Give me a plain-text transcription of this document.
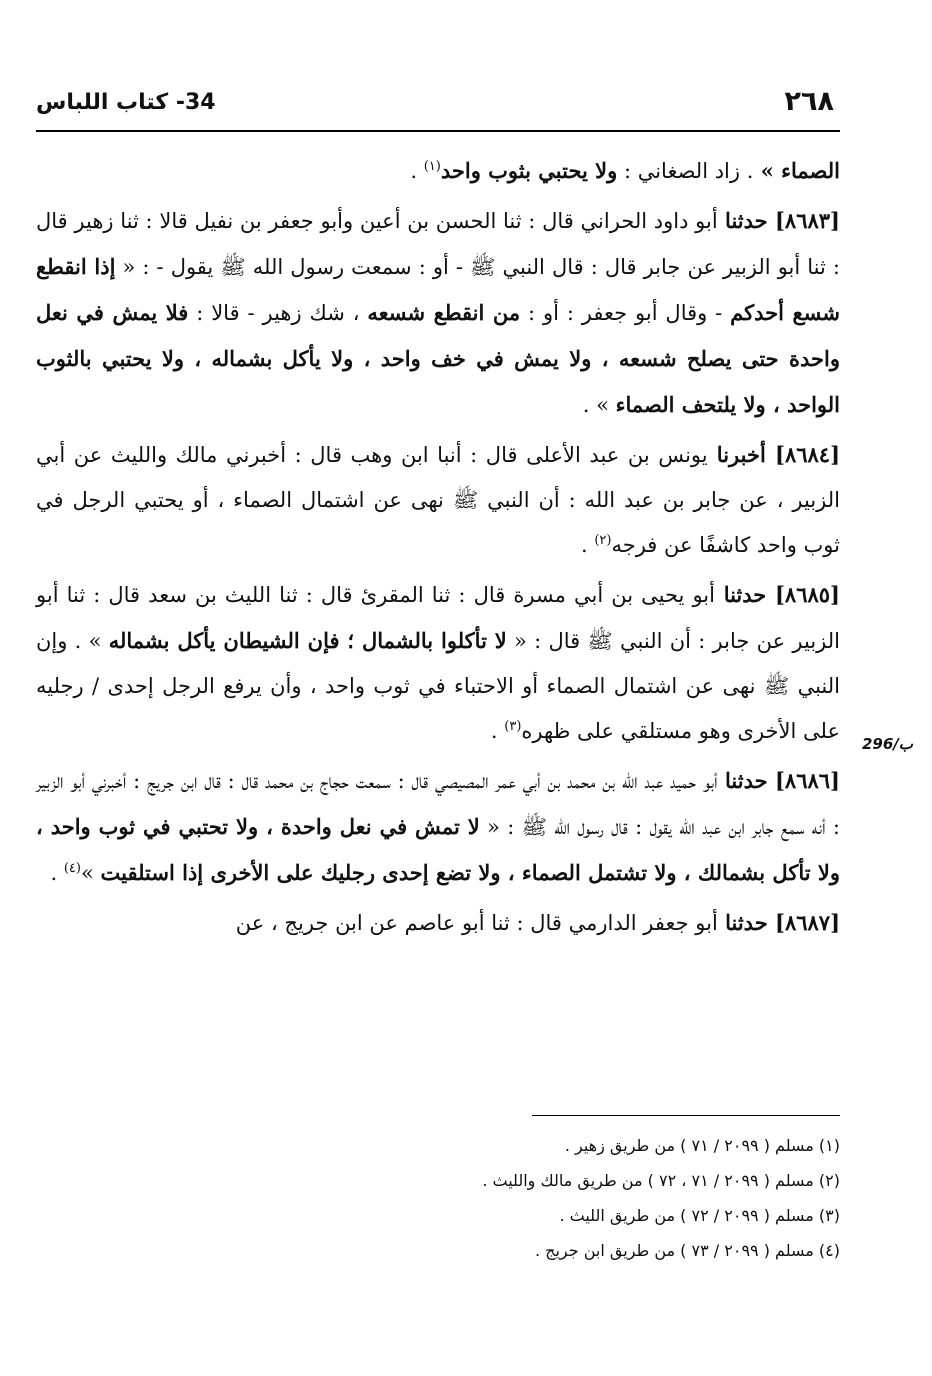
٢٦٨
34- كتاب اللباس

الصماء » . زاد الصغاني : ولا يحتبي بثوب واحد$^{(١)}$ .

[٨٦٨٣] حدثنا أبو داود الحراني قال : ثنا الحسن بن أعين وأبو جعفر بن نفيل قالا : ثنا زهير قال : ثنا أبو الزبير عن جابر قال : قال النبي ﷺ - أو : سمعت رسول الله ﷺ يقول - : « إذا انقطع شسع أحدكم - وقال أبو جعفر : أو : من انقطع شسعه ، شك زهير - قالا : فلا يمش في نعل واحدة حتى يصلح شسعه ، ولا يمش في خف واحد ، ولا يأكل بشماله ، ولا يحتبي بالثوب الواحد ، ولا يلتحف الصماء » .

[٨٦٨٤] أخبرنا يونس بن عبد الأعلى قال : أنبا ابن وهب قال : أخبرني مالك والليث عن أبي الزبير ، عن جابر بن عبد الله : أن النبي ﷺ نهى عن اشتمال الصماء ، أو يحتبي الرجل في ثوب واحد كاشفًا عن فرجه$^{(٢)}$ .

[٨٦٨٥] حدثنا أبو يحيى بن أبي مسرة قال : ثنا المقرئ قال : ثنا الليث بن سعد قال : ثنا أبو الزبير عن جابر : أن النبي ﷺ قال : « لا تأكلوا بالشمال ؛ فإن الشيطان يأكل بشماله » . وإن النبي ﷺ نهى عن اشتمال الصماء أو الاحتباء في ثوب واحد ، وأن يرفع الرجل إحدى / رجليه على الأخرى وهو مستلقي على ظهره$^{(٣)}$ .

[٨٦٨٦] حدثنا أبو حميد عبد الله بن محمد بن أبي عمر المصيصي قال : سمعت حجاج بن محمد قال : قال ابن جريج : أخبرني أبو الزبير : أنه سمع جابر ابن عبد الله يقول : قال رسول الله ﷺ : « لا تمش في نعل واحدة ، ولا تحتبي في ثوب واحد ، ولا تأكل بشمالك ، ولا تشتمل الصماء ، ولا تضع إحدى رجليك على الأخرى إذا استلقيت »$^{(٤)}$ .

[٨٦٨٧] حدثنا أبو جعفر الدارمي قال : ثنا أبو عاصم عن ابن جريج ، عن

296/ب

(١) مسلم ( ٢٠٩٩ / ٧١ ) من طريق زهير .

(٢) مسلم ( ٢٠٩٩ / ٧١ ، ٧٢ ) من طريق مالك والليث .

(٣) مسلم ( ٢٠٩٩ / ٧٢ ) من طريق الليث .

(٤) مسلم ( ٢٠٩٩ / ٧٣ ) من طريق ابن جريج .
